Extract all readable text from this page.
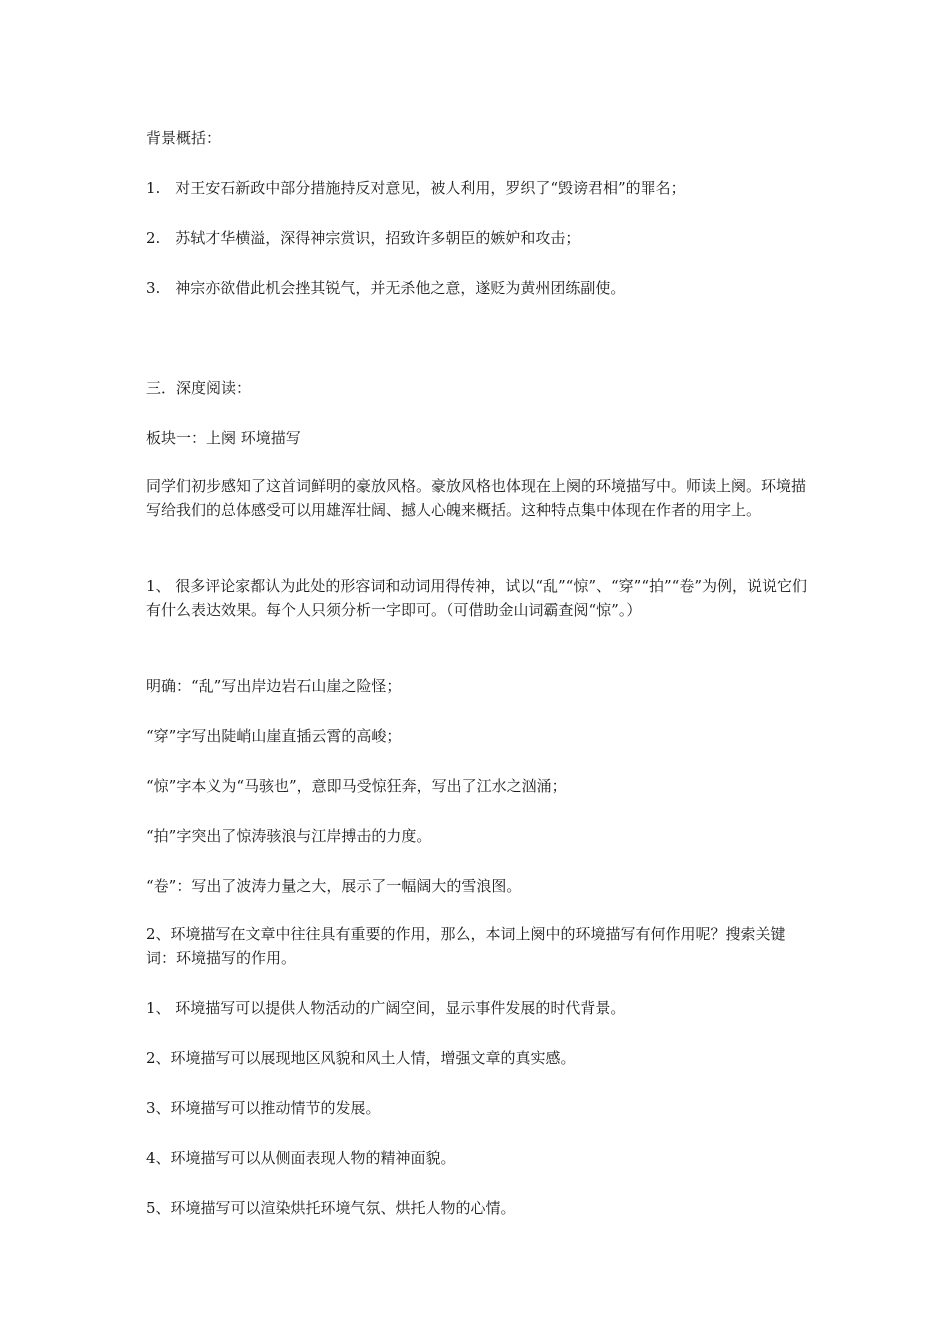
背景概括：

1.　对王安石新政中部分措施持反对意见，被人利用，罗织了“毁谤君相”的罪名；

2.　苏轼才华横溢，深得神宗赏识，招致许多朝臣的嫉妒和攻击；

3.　神宗亦欲借此机会挫其锐气，并无杀他之意，遂贬为黄州团练副使。

三．深度阅读：

板块一：上阕 环境描写

同学们初步感知了这首词鲜明的豪放风格。豪放风格也体现在上阕的环境描写中。师读上阕。环境描写给我们的总体感受可以用雄浑壮阔、撼人心魄来概括。这种特点集中体现在作者的用字上。

1、 很多评论家都认为此处的形容词和动词用得传神，试以“乱”“惊”、“穿”“拍”“卷”为例，说说它们有什么表达效果。每个人只须分析一字即可。（可借助金山词霸查阅“惊”。）

明确：“乱”写出岸边岩石山崖之险怪；

“穿”字写出陡峭山崖直插云霄的高峻；

“惊”字本义为“马骇也”，意即马受惊狂奔，写出了江水之汹涌；

“拍”字突出了惊涛骇浪与江岸搏击的力度。

“卷”：写出了波涛力量之大，展示了一幅阔大的雪浪图。

2、环境描写在文章中往往具有重要的作用，那么，本词上阕中的环境描写有何作用呢？搜索关键词：环境描写的作用。

1、 环境描写可以提供人物活动的广阔空间，显示事件发展的时代背景。

2、环境描写可以展现地区风貌和风土人情，增强文章的真实感。

3、环境描写可以推动情节的发展。

4、环境描写可以从侧面表现人物的精神面貌。

5、环境描写可以渲染烘托环境气氛、烘托人物的心情。
